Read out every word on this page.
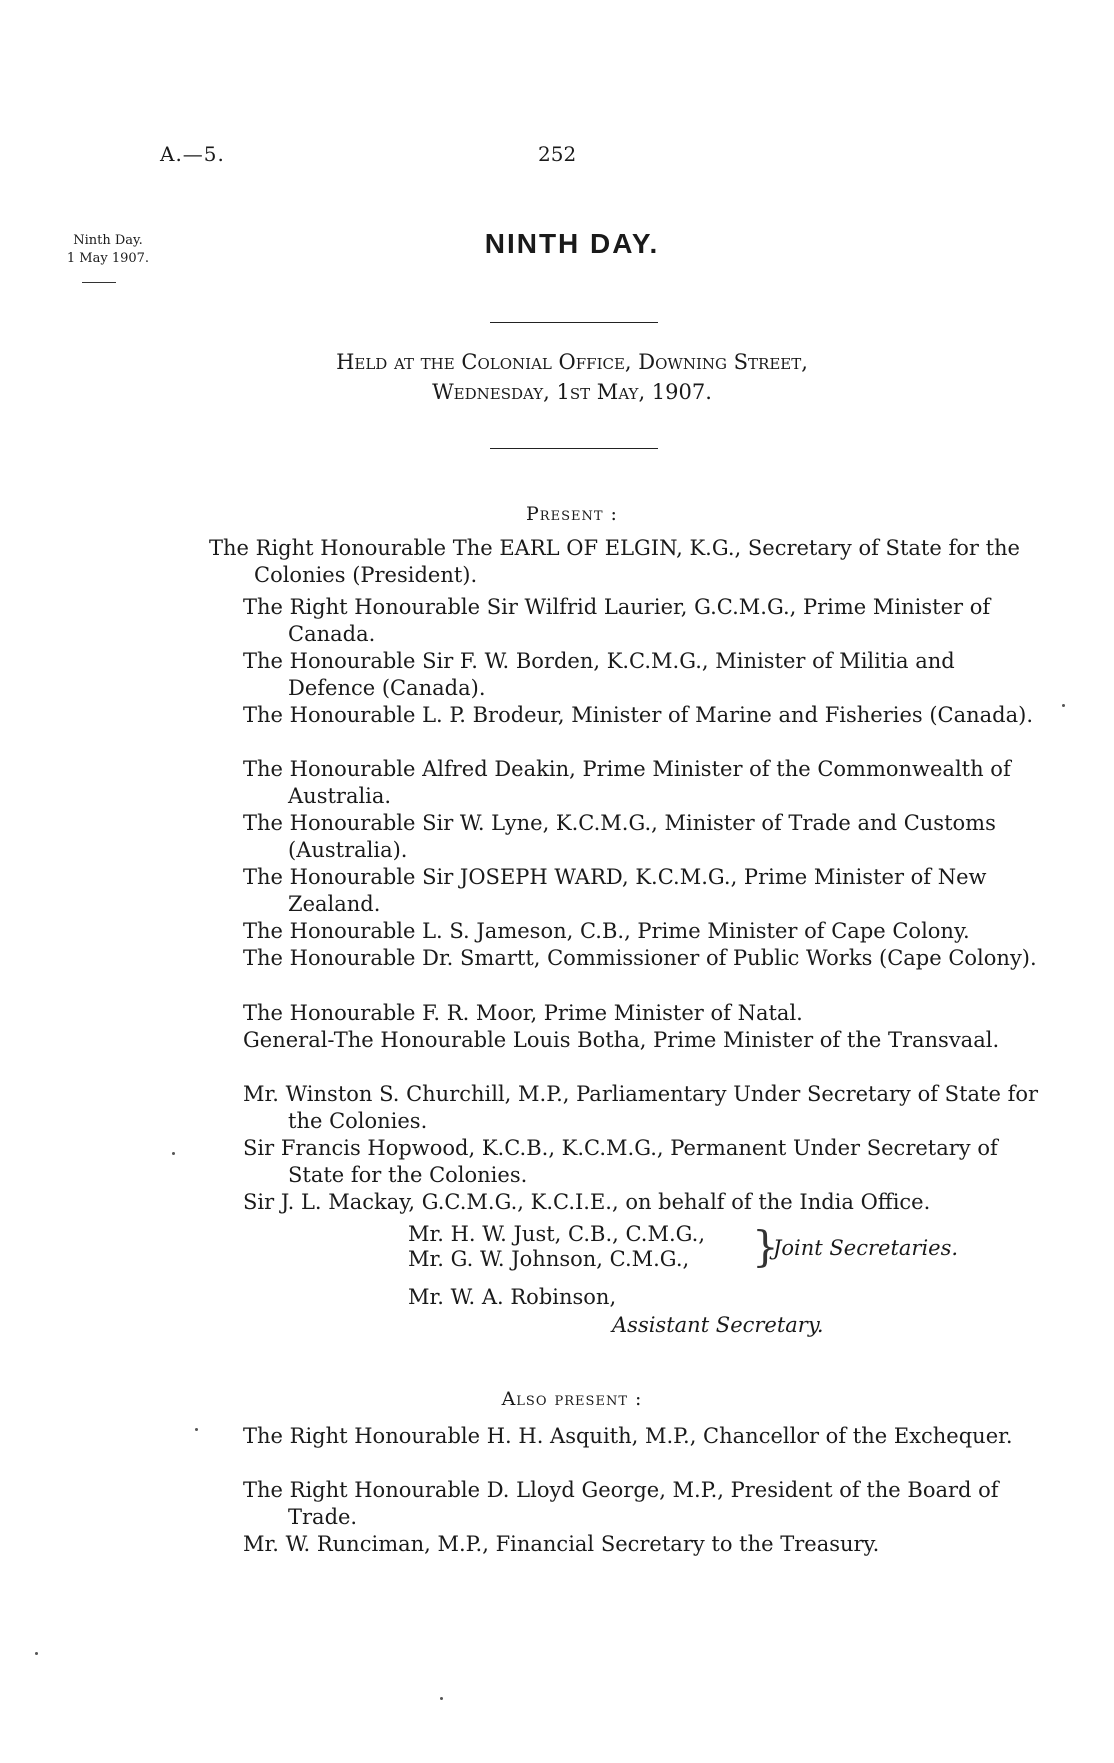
A.—5.	252
Ninth Day.
1 May 1907.	NINTH DAY.
Held at the Colonial Office, Downing Street,
Wednesday, 1st May, 1907.
Present :
The Right Honourable The EARL OF ELGIN, K.G., Secretary of State for the Colonies (President).
The Right Honourable Sir Wilfrid Laurier, G.C.M.G., Prime Minister of Canada.
The Honourable Sir F. W. Borden, K.C.M.G., Minister of Militia and Defence (Canada).
The Honourable L. P. Brodeur, Minister of Marine and Fisheries (Canada).
The Honourable Alfred Deakin, Prime Minister of the Commonwealth of Australia.
The Honourable Sir W. Lyne, K.C.M.G., Minister of Trade and Customs (Australia).
The Honourable Sir JOSEPH WARD, K.C.M.G., Prime Minister of New Zealand.
The Honourable L. S. Jameson, C.B., Prime Minister of Cape Colony.
The Honourable Dr. Smartt, Commissioner of Public Works (Cape Colony).
The Honourable F. R. Moor, Prime Minister of Natal.
General-The Honourable Louis Botha, Prime Minister of the Transvaal.
Mr. Winston S. Churchill, M.P., Parliamentary Under Secretary of State for the Colonies.
Sir Francis Hopwood, K.C.B., K.C.M.G., Permanent Under Secretary of State for the Colonies.
Sir J. L. Mackay, G.C.M.G., K.C.I.E., on behalf of the India Office.
Mr. H. W. Just, C.B., C.M.G.,
Mr. G. W. Johnson, C.M.G., }
Joint Secretaries.
Mr. W. A. Robinson,
Assistant Secretary.
Also present :
The Right Honourable H. H. Asquith, M.P., Chancellor of the Exchequer.
The Right Honourable D. Lloyd George, M.P., President of the Board of Trade.
Mr. W. Runciman, M.P., Financial Secretary to the Treasury.
